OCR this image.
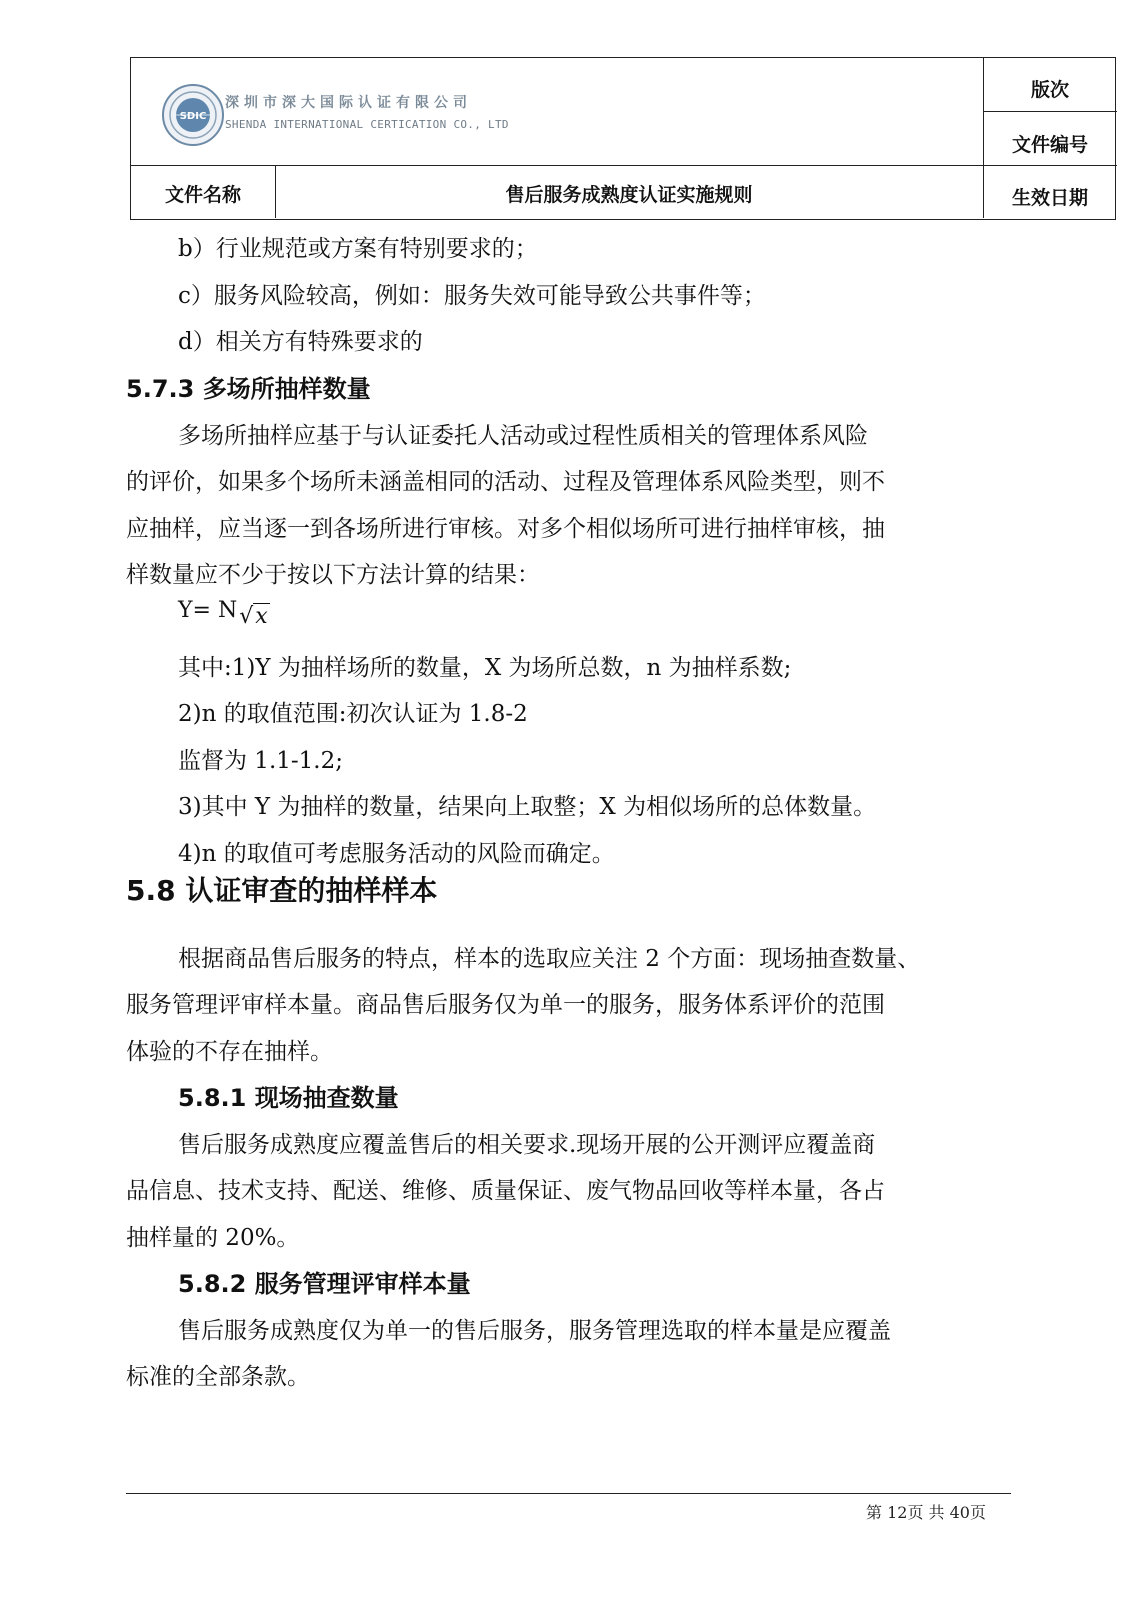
SDIC
深圳市深大国际认证有限公司
SHENDA INTERNATIONAL CERTICATION CO., LTD
版次
文件编号
生效日期
文件名称	售后服务成熟度认证实施规则
b）行业规范或方案有特别要求的；
c）服务风险较高，例如：服务失效可能导致公共事件等；
d）相关方有特殊要求的
5.7.3 多场所抽样数量
多场所抽样应基于与认证委托人活动或过程性质相关的管理体系风险
的评价，如果多个场所未涵盖相同的活动、过程及管理体系风险类型，则不
应抽样，应当逐一到各场所进行审核。对多个相似场所可进行抽样审核，抽
样数量应不少于按以下方法计算的结果：
Y= N√x
其中:1)Y 为抽样场所的数量，X 为场所总数，n 为抽样系数;
2)n 的取值范围:初次认证为 1.8-2
监督为 1.1-1.2;
3)其中 Y 为抽样的数量，结果向上取整；X 为相似场所的总体数量。
4)n 的取值可考虑服务活动的风险而确定。
5.8 认证审查的抽样样本
根据商品售后服务的特点，样本的选取应关注 2 个方面：现场抽查数量、
服务管理评审样本量。商品售后服务仅为单一的服务，服务体系评价的范围
体验的不存在抽样。
5.8.1 现场抽查数量
售后服务成熟度应覆盖售后的相关要求.现场开展的公开测评应覆盖商
品信息、技术支持、配送、维修、质量保证、废气物品回收等样本量，各占
抽样量的 20%。
5.8.2 服务管理评审样本量
售后服务成熟度仅为单一的售后服务，服务管理选取的样本量是应覆盖
标准的全部条款。
第 12页 共 40页
